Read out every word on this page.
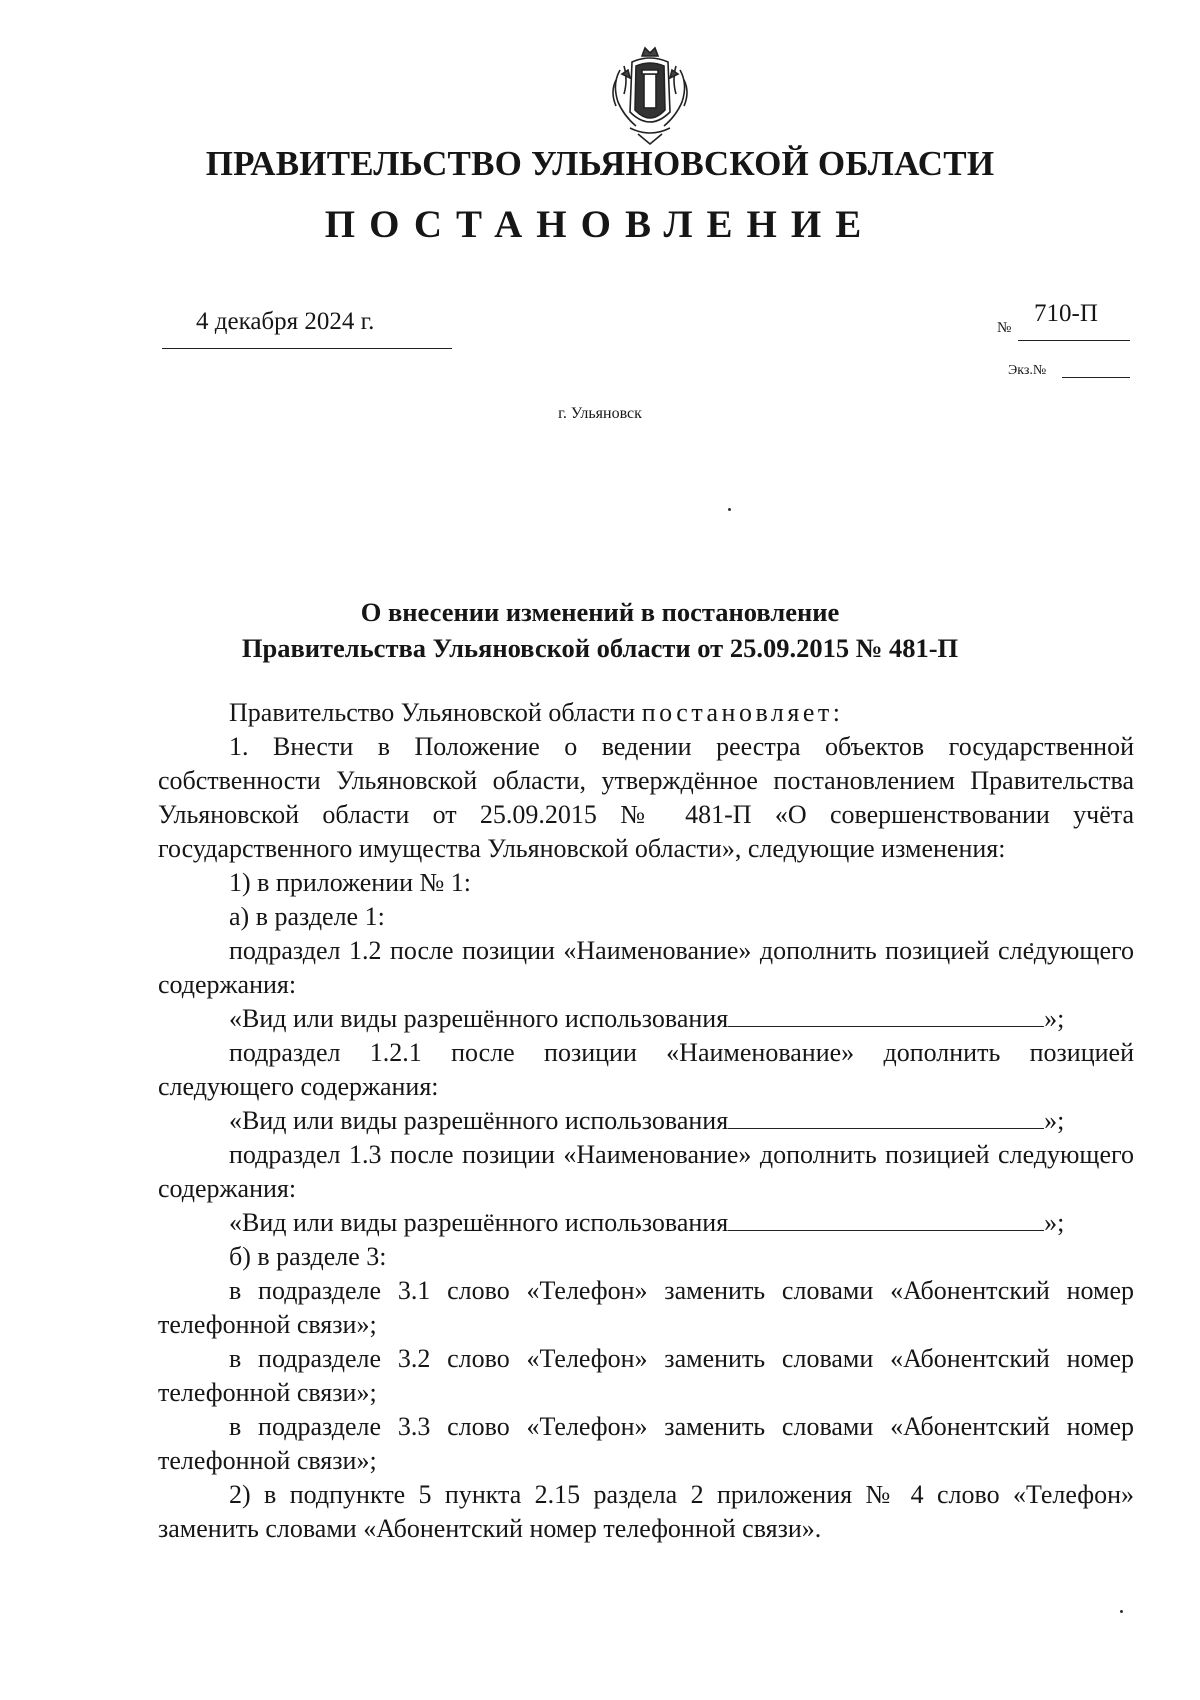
ПРАВИТЕЛЬСТВО УЛЬЯНОВСКОЙ ОБЛАСТИ
ПОСТАНОВЛЕНИЕ
4 декабря 2024 г.	№
710-П
Экз.№
г. Ульяновск
О внесении изменений в постановление
Правительства Ульяновской области от 25.09.2015 № 481-П

Правительство Ульяновской области постановляет:

1. Внести в Положение о ведении реестра объектов государственной собственности Ульяновской области, утверждённое постановлением Правительства Ульяновской области от 25.09.2015 № 481-П «О совершенствовании учёта государственного имущества Ульяновской области», следующие изменения:

1) в приложении № 1:

а) в разделе 1:

подраздел 1.2 после позиции «Наименование» дополнить позицией следующего содержания:

«Вид или виды разрешённого использования	»;

подраздел 1.2.1 после позиции «Наименование» дополнить позицией следующего содержания:

«Вид или виды разрешённого использования	»;

подраздел 1.3 после позиции «Наименование» дополнить позицией следующего содержания:

«Вид или виды разрешённого использования	»;

б) в разделе 3:

в подразделе 3.1 слово «Телефон» заменить словами «Абонентский номер телефонной связи»;

в подразделе 3.2 слово «Телефон» заменить словами «Абонентский номер телефонной связи»;

в подразделе 3.3 слово «Телефон» заменить словами «Абонентский номер телефонной связи»;

2) в подпункте 5 пункта 2.15 раздела 2 приложения № 4 слово «Телефон» заменить словами «Абонентский номер телефонной связи».
